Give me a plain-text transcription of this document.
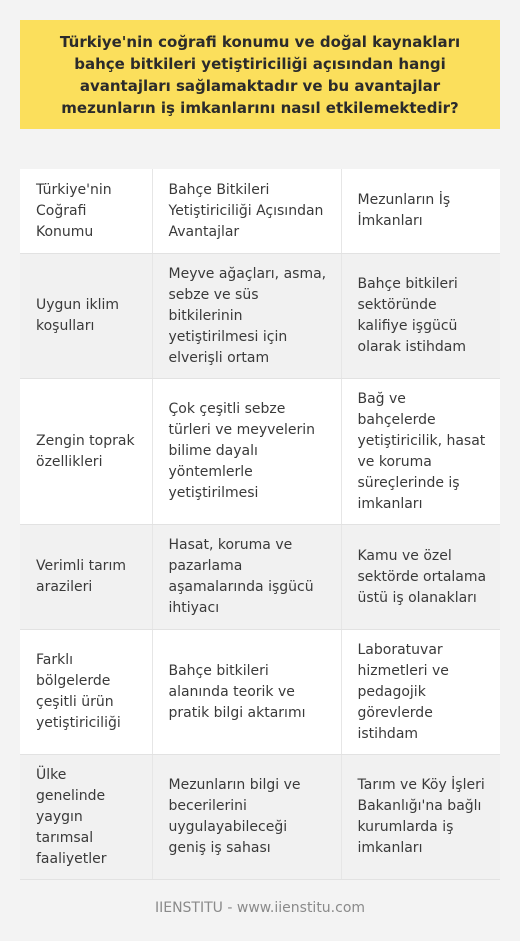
Türkiye'nin coğrafi konumu ve doğal kaynakları bahçe bitkileri yetiştiriciliği açısından hangi avantajları sağlamaktadır ve bu avantajlar mezunların iş imkanlarını nasıl etkilemektedir?

Türkiye'nin Coğrafi Konumu	Bahçe Bitkileri Yetiştiriciliği Açısından Avantajlar	Mezunların İş İmkanları
Uygun iklim koşulları	Meyve ağaçları, asma, sebze ve süs bitkilerinin yetiştirilmesi için elverişli ortam	Bahçe bitkileri sektöründe kalifiye işgücü olarak istihdam
Zengin toprak özellikleri	Çok çeşitli sebze türleri ve meyvelerin bilime dayalı yöntemlerle yetiştirilmesi	Bağ ve bahçelerde yetiştiricilik, hasat ve koruma süreçlerinde iş imkanları
Verimli tarım arazileri	Hasat, koruma ve pazarlama aşamalarında işgücü ihtiyacı	Kamu ve özel sektörde ortalama üstü iş olanakları
Farklı bölgelerde çeşitli ürün yetiştiriciliği	Bahçe bitkileri alanında teorik ve pratik bilgi aktarımı	Laboratuvar hizmetleri ve pedagojik görevlerde istihdam
Ülke genelinde yaygın tarımsal faaliyetler	Mezunların bilgi ve becerilerini uygulayabileceği geniş iş sahası	Tarım ve Köy İşleri Bakanlığı'na bağlı kurumlarda iş imkanları
IIENSTITU - www.iienstitu.com
